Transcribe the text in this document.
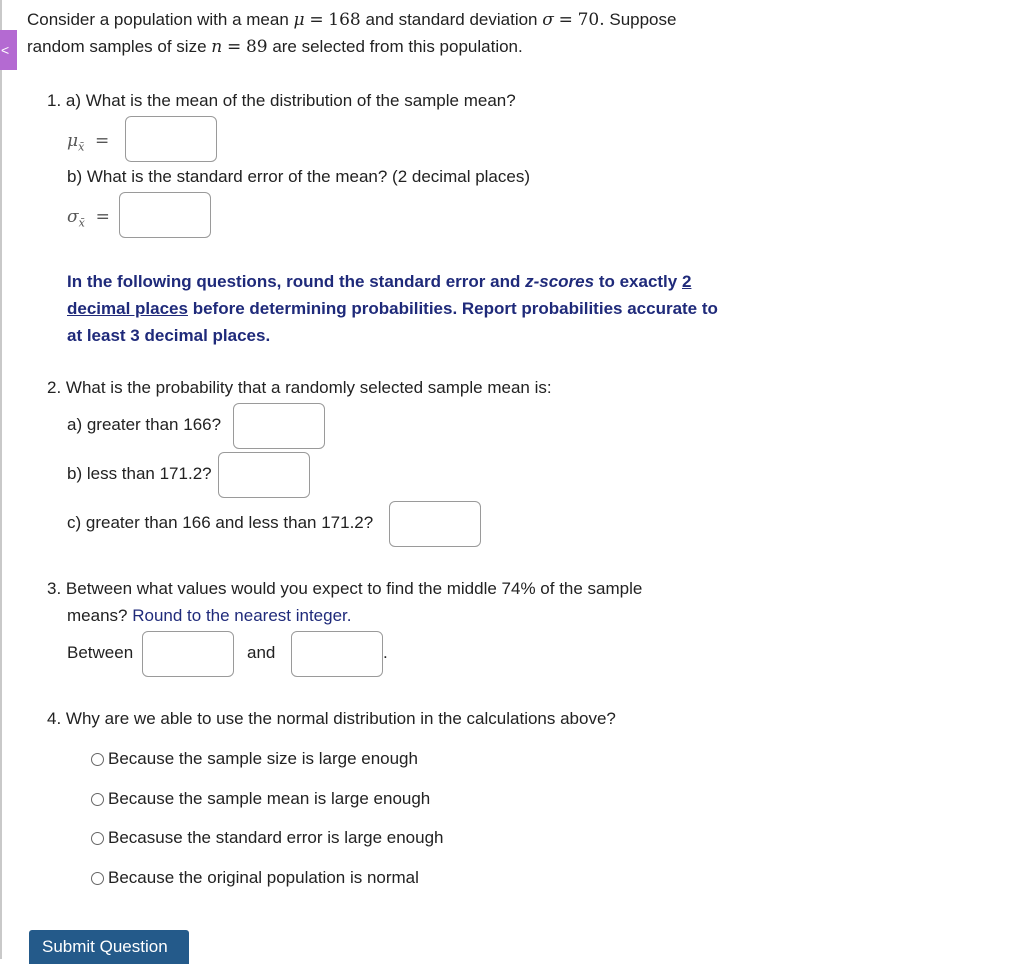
<
Consider a population with a mean μ = 168 and standard deviation σ = 70. Suppose
random samples of size n = 89 are selected from this population.
1. a) What is the mean of the distribution of the sample mean?
$\mu_{x̄}$ =
b) What is the standard error of the mean? (2 decimal places)
$\sigma_{x̄}$ =
In the following questions, round the standard error and z-scores to exactly 2 decimal places before determining probabilities. Report probabilities accurate to at least 3 decimal places.
2. What is the probability that a randomly selected sample mean is:
a) greater than 166?
b) less than 171.2?
c) greater than 166 and less than 171.2?
3. Between what values would you expect to find the middle 74% of the sample
means? Round to the nearest integer.
Between	and	.
4. Why are we able to use the normal distribution in the calculations above?
Because the sample size is large enough
Because the sample mean is large enough
Becasuse the standard error is large enough
Because the original population is normal
Submit Question
